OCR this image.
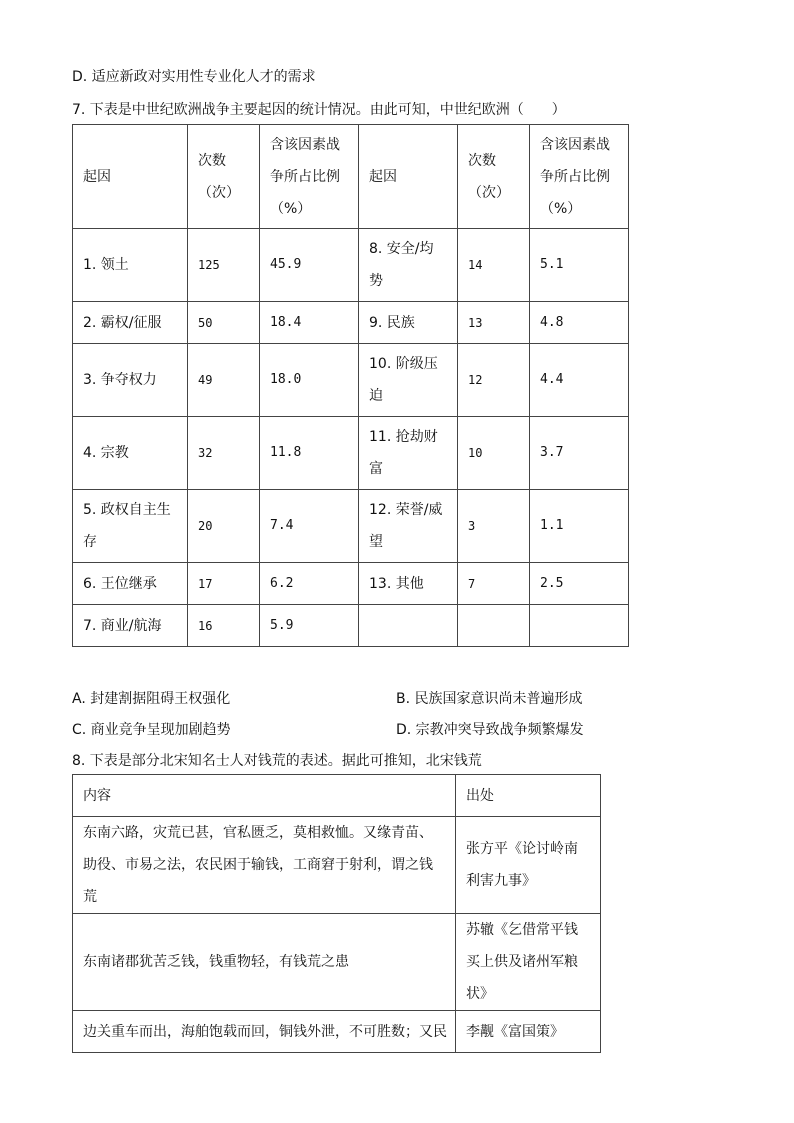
D. 适应新政对实用性专业化人才的需求
7. 下表是中世纪欧洲战争主要起因的统计情况。由此可知，中世纪欧洲（　　）
起因	次数（次）	含该因素战争所占比例（%）	起因	次数（次）	含该因素战争所占比例（%）
1. 领土	125	45.9	8. 安全/均势	14	5.1
2. 霸权/征服	50	18.4	9. 民族	13	4.8
3. 争夺权力	49	18.0	10. 阶级压迫	12	4.4
4. 宗教	32	11.8	11. 抢劫财富	10	3.7
5. 政权自主生存	20	7.4	12. 荣誉/威望	3	1.1
6. 王位继承	17	6.2	13. 其他	7	2.5
7. 商业/航海	16	5.9			
A. 封建割据阻碍王权强化	B. 民族国家意识尚未普遍形成
C. 商业竞争呈现加剧趋势	D. 宗教冲突导致战争频繁爆发
8. 下表是部分北宋知名士人对钱荒的表述。据此可推知，北宋钱荒
内容	出处
东南六路，灾荒已甚，官私匮乏，莫相救恤。又缘青苗、助役、市易之法，农民困于输钱，工商窘于射利，谓之钱荒	张方平《论讨岭南利害九事》
东南诸郡犹苦乏钱，钱重物轻，有钱荒之患	苏辙《乞借常平钱买上供及诸州军粮状》
边关重车而出，海舶饱载而回，铜钱外泄，不可胜数；又民	李觏《富国策》
